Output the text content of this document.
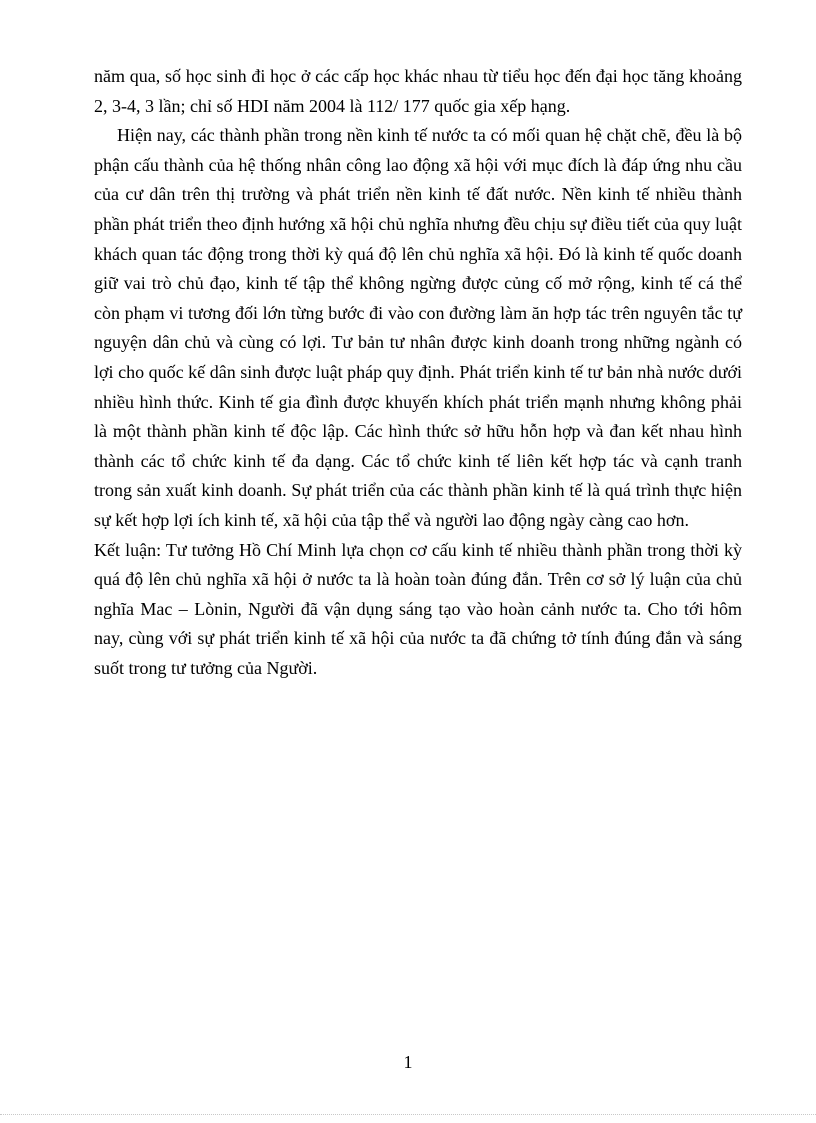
năm qua, số học sinh đi học ở các cấp học khác nhau từ tiểu học đến đại học tăng khoảng 2, 3-4, 3 lần; chỉ số HDI năm 2004 là 112/ 177 quốc gia xếp hạng.

Hiện nay, các thành phần trong nền kinh tế nước ta có mối quan hệ chặt chẽ, đều là bộ phận cấu thành của hệ thống nhân công lao động xã hội với mục đích là đáp ứng nhu cầu của cư dân trên thị trường và phát triển nền kinh tế đất nước. Nền kinh tế nhiều thành phần phát triển theo định hướng xã hội chủ nghĩa nhưng đều chịu sự điều tiết của quy luật khách quan tác động trong thời kỳ quá độ lên chủ nghĩa xã hội. Đó là kinh tế quốc doanh giữ vai trò chủ đạo, kinh tế tập thể không ngừng được củng cố mở rộng, kinh tế cá thể còn phạm vi tương đối lớn từng bước đi vào con đường làm ăn hợp tác trên nguyên tắc tự nguyện dân chủ và cùng có lợi. Tư bản tư nhân được kinh doanh trong những ngành có lợi cho quốc kế dân sinh được luật pháp quy định. Phát triển kinh tế tư bản nhà nước dưới nhiều hình thức. Kinh tế gia đình được khuyến khích phát triển mạnh nhưng không phải là một thành phần kinh tế độc lập. Các hình thức sở hữu hỗn hợp và đan kết nhau hình thành các tổ chức kinh tế đa dạng. Các tổ chức kinh tế liên kết hợp tác và cạnh tranh trong sản xuất kinh doanh. Sự phát triển của các thành phần kinh tế là quá trình thực hiện sự kết hợp lợi ích kinh tế, xã hội của tập thể và người lao động ngày càng cao hơn.

Kết luận: Tư tưởng Hồ Chí Minh lựa chọn cơ cấu kinh tế nhiều thành phần trong thời kỳ quá độ lên chủ nghĩa xã hội ở nước ta là hoàn toàn đúng đắn. Trên cơ sở lý luận của chủ nghĩa Mac – Lònin, Người đã vận dụng sáng tạo vào hoàn cảnh nước ta. Cho tới hôm nay, cùng với sự phát triển kinh tế xã hội của nước ta đã chứng tở tính đúng đắn và sáng suốt trong tư tưởng của Người.

1
